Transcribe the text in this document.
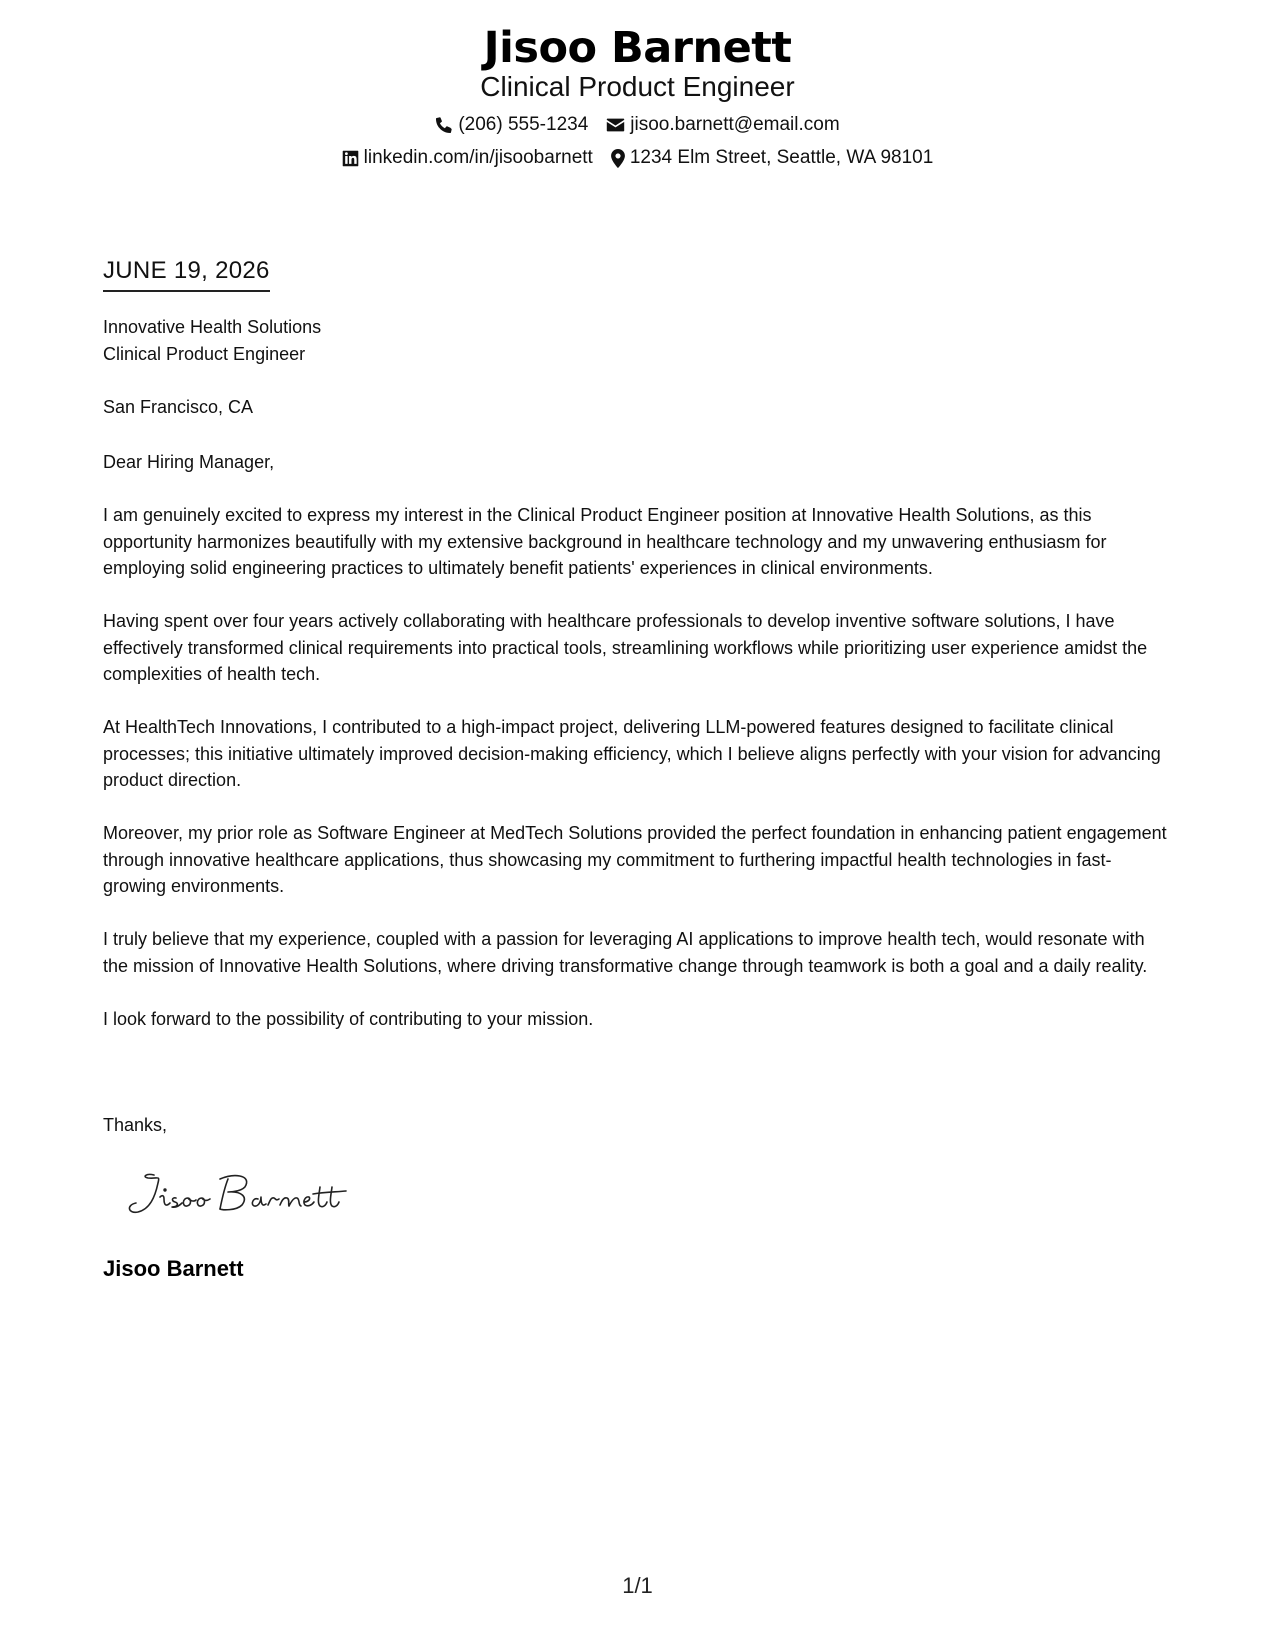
Jisoo Barnett
Clinical Product Engineer
(206) 555-1234 jisoo.barnett@email.com
linkedin.com/in/jisoobarnett 1234 Elm Street, Seattle, WA 98101
JUNE 19, 2026
Innovative Health Solutions
Clinical Product Engineer
San Francisco, CA
Dear Hiring Manager,

I am genuinely excited to express my interest in the Clinical Product Engineer position at Innovative Health Solutions, as this opportunity harmonizes beautifully with my extensive background in healthcare technology and my unwavering enthusiasm for employing solid engineering practices to ultimately benefit patients' experiences in clinical environments.

Having spent over four years actively collaborating with healthcare professionals to develop inventive software solutions, I have effectively transformed clinical requirements into practical tools, streamlining workflows while prioritizing user experience amidst the complexities of health tech.

At HealthTech Innovations, I contributed to a high-impact project, delivering LLM-powered features designed to facilitate clinical processes; this initiative ultimately improved decision-making efficiency, which I believe aligns perfectly with your vision for advancing product direction.

Moreover, my prior role as Software Engineer at MedTech Solutions provided the perfect foundation in enhancing patient engagement through innovative healthcare applications, thus showcasing my commitment to furthering impactful health technologies in fast-growing environments.

I truly believe that my experience, coupled with a passion for leveraging AI applications to improve health tech, would resonate with the mission of Innovative Health Solutions, where driving transformative change through teamwork is both a goal and a daily reality.

I look forward to the possibility of contributing to your mission.

Thanks,
Jisoo Barnett
1/1
